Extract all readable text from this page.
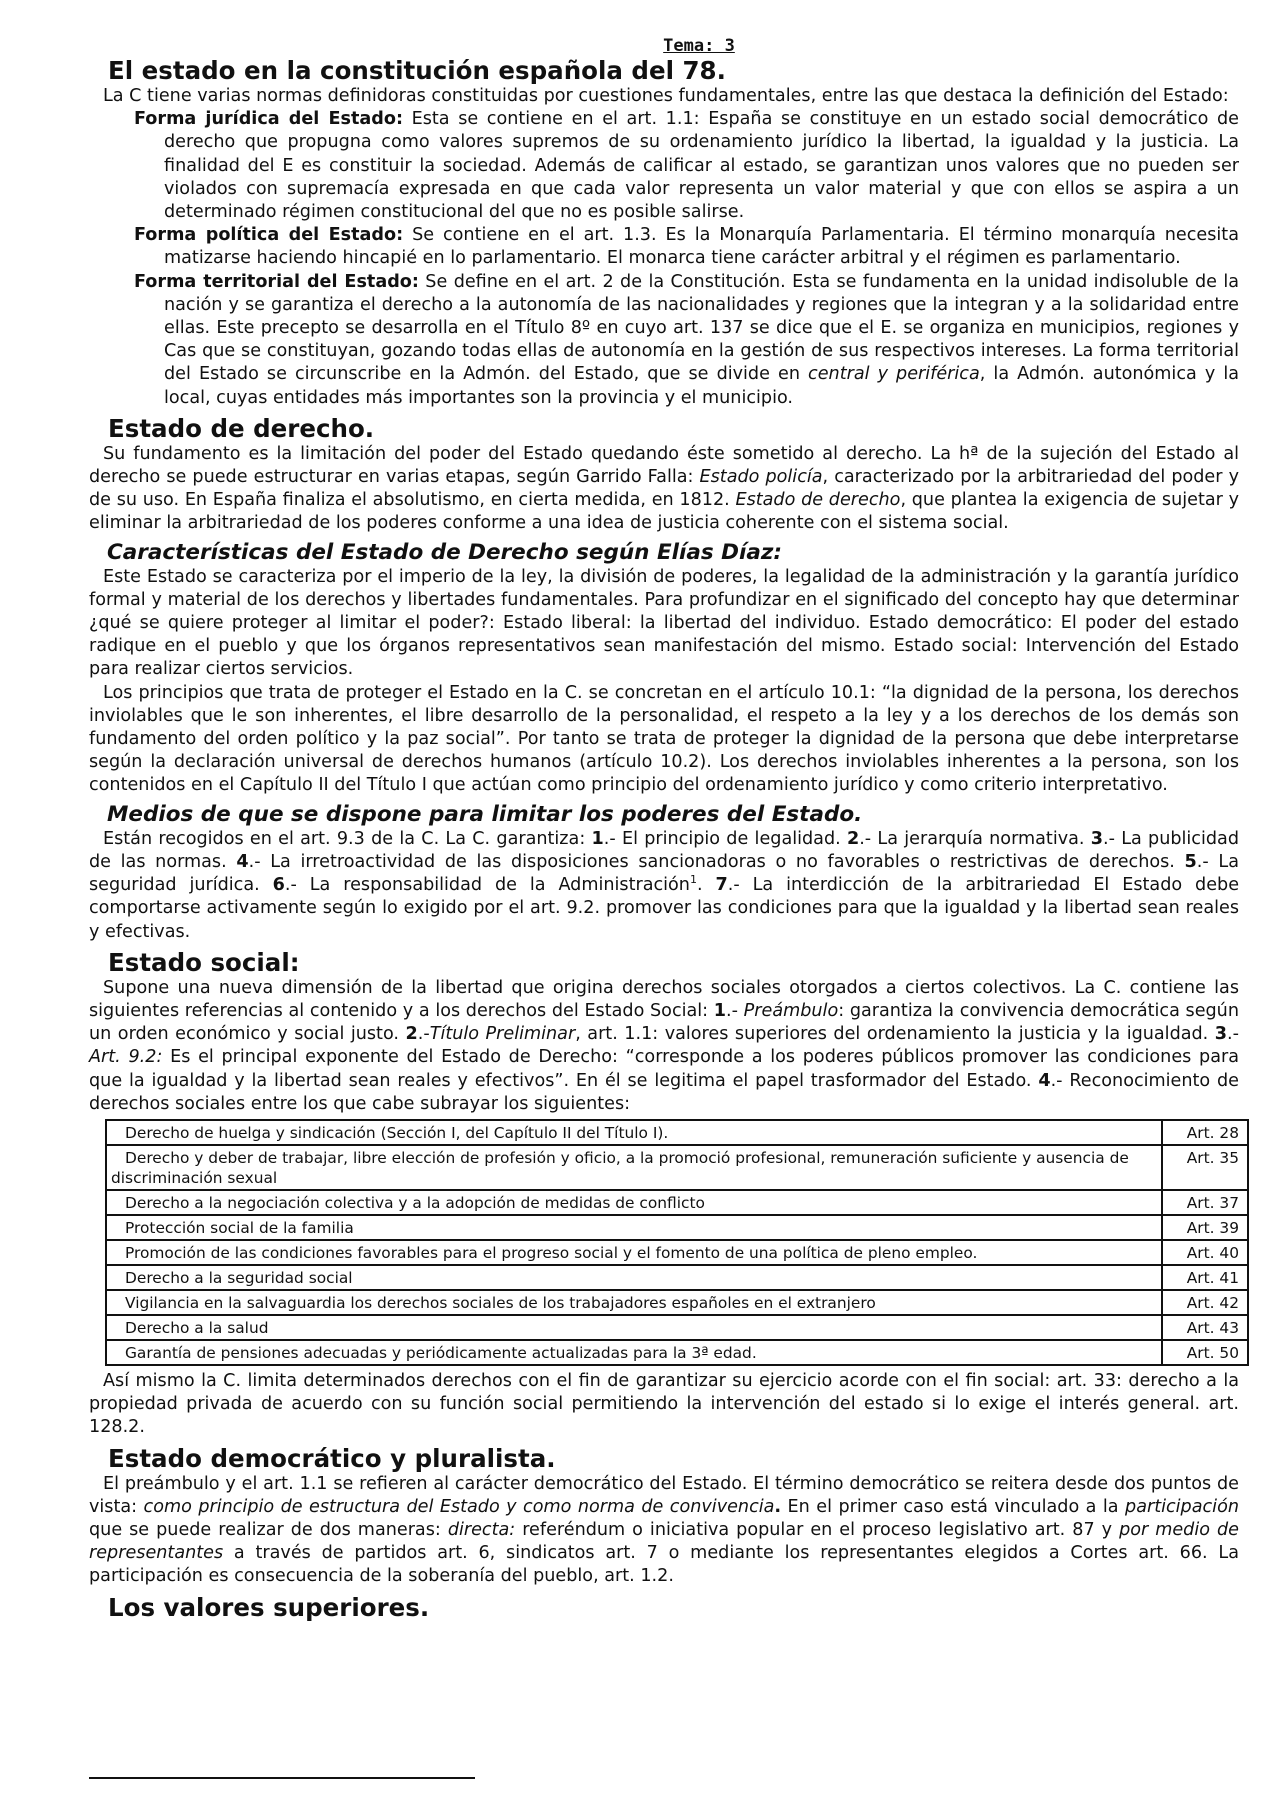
Tema: 3
El estado en la constitución española del 78.

La C tiene varias normas definidoras constituidas por cuestiones fundamentales, entre las que destaca la definición del Estado:

Forma jurídica del Estado: Esta se contiene en el art. 1.1: España se constituye en un estado social democrático de derecho que propugna como valores supremos de su ordenamiento jurídico la libertad, la igualdad y la justicia. La finalidad del E es constituir la sociedad. Además de calificar al estado, se garantizan unos valores que no pueden ser violados con supremacía expresada en que cada valor representa un valor material y que con ellos se aspira a un determinado régimen constitucional del que no es posible salirse.
Forma política del Estado: Se contiene en el art. 1.3. Es la Monarquía Parlamentaria. El término monarquía necesita matizarse haciendo hincapié en lo parlamentario. El monarca tiene carácter arbitral y el régimen es parlamentario.
Forma territorial del Estado: Se define en el art. 2 de la Constitución. Esta se fundamenta en la unidad indisoluble de la nación y se garantiza el derecho a la autonomía de las nacionalidades y regiones que la integran y a la solidaridad entre ellas. Este precepto se desarrolla en el Título 8º en cuyo art. 137 se dice que el E. se organiza en municipios, regiones y Cas que se constituyan, gozando todas ellas de autonomía en la gestión de sus respectivos intereses. La forma territorial del Estado se circunscribe en la Admón. del Estado, que se divide en central y periférica, la Admón. autonómica y la local, cuyas entidades más importantes son la provincia y el municipio.
Estado de derecho.

Su fundamento es la limitación del poder del Estado quedando éste sometido al derecho. La hª de la sujeción del Estado al derecho se puede estructurar en varias etapas, según Garrido Falla: Estado policía, caracterizado por la arbitrariedad del poder y de su uso. En España finaliza el absolutismo, en cierta medida, en 1812. Estado de derecho, que plantea la exigencia de sujetar y eliminar la arbitrariedad de los poderes conforme a una idea de justicia coherente con el sistema social.

Características del Estado de Derecho según Elías Díaz:

Este Estado se caracteriza por el imperio de la ley, la división de poderes, la legalidad de la administración y la garantía jurídico formal y material de los derechos y libertades fundamentales. Para profundizar en el significado del concepto hay que determinar ¿qué se quiere proteger al limitar el poder?: Estado liberal: la libertad del individuo. Estado democrático: El poder del estado radique en el pueblo y que los órganos representativos sean manifestación del mismo. Estado social: Intervención del Estado para realizar ciertos servicios.

Los principios que trata de proteger el Estado en la C. se concretan en el artículo 10.1: “la dignidad de la persona, los derechos inviolables que le son inherentes, el libre desarrollo de la personalidad, el respeto a la ley y a los derechos de los demás son fundamento del orden político y la paz social”. Por tanto se trata de proteger la dignidad de la persona que debe interpretarse según la declaración universal de derechos humanos (artículo 10.2). Los derechos inviolables inherentes a la persona, son los contenidos en el Capítulo II del Título I que actúan como principio del ordenamiento jurídico y como criterio interpretativo.

Medios de que se dispone para limitar los poderes del Estado.

Están recogidos en el art. 9.3 de la C. La C. garantiza: 1.- El principio de legalidad. 2.- La jerarquía normativa. 3.- La publicidad de las normas. 4.- La irretroactividad de las disposiciones sancionadoras o no favorables o restrictivas de derechos. 5.- La seguridad jurídica. 6.- La responsabilidad de la Administración$^1$. 7.- La interdicción de la arbitrariedad El Estado debe comportarse activamente según lo exigido por el art. 9.2. promover las condiciones para que la igualdad y la libertad sean reales y efectivas.

Estado social:

Supone una nueva dimensión de la libertad que origina derechos sociales otorgados a ciertos colectivos. La C. contiene las siguientes referencias al contenido y a los derechos del Estado Social: 1.- Preámbulo: garantiza la convivencia democrática según un orden económico y social justo. 2.-Título Preliminar, art. 1.1: valores superiores del ordenamiento la justicia y la igualdad. 3.- Art. 9.2: Es el principal exponente del Estado de Derecho: “corresponde a los poderes públicos promover las condiciones para que la igualdad y la libertad sean reales y efectivos”. En él se legitima el papel trasformador del Estado. 4.- Reconocimiento de derechos sociales entre los que cabe subrayar los siguientes:

Derecho de huelga y sindicación (Sección I, del Capítulo II del Título I).	Art. 28
Derecho y deber de trabajar, libre elección de profesión y oficio, a la promoció profesional, remuneración suficiente y ausencia de discriminación sexual	Art. 35
Derecho a la negociación colectiva y a la adopción de medidas de conflicto	Art. 37
Protección social de la familia	Art. 39
Promoción de las condiciones favorables para el progreso social y el fomento de una política de pleno empleo.	Art. 40
Derecho a la seguridad social	Art. 41
Vigilancia en la salvaguardia los derechos sociales de los trabajadores españoles en el extranjero	Art. 42
Derecho a la salud	Art. 43
Garantía de pensiones adecuadas y periódicamente actualizadas para la 3ª edad.	Art. 50

Así mismo la C. limita determinados derechos con el fin de garantizar su ejercicio acorde con el fin social: art. 33: derecho a la propiedad privada de acuerdo con su función social permitiendo la intervención del estado si lo exige el interés general. art. 128.2.

Estado democrático y pluralista.

El preámbulo y el art. 1.1 se refieren al carácter democrático del Estado. El término democrático se reitera desde dos puntos de vista: como principio de estructura del Estado y como norma de convivencia. En el primer caso está vinculado a la participación que se puede realizar de dos maneras: directa: referéndum o iniciativa popular en el proceso legislativo art. 87 y por medio de representantes a través de partidos art. 6, sindicatos art. 7 o mediante los representantes elegidos a Cortes art. 66. La participación es consecuencia de la soberanía del pueblo, art. 1.2.

Los valores superiores.
